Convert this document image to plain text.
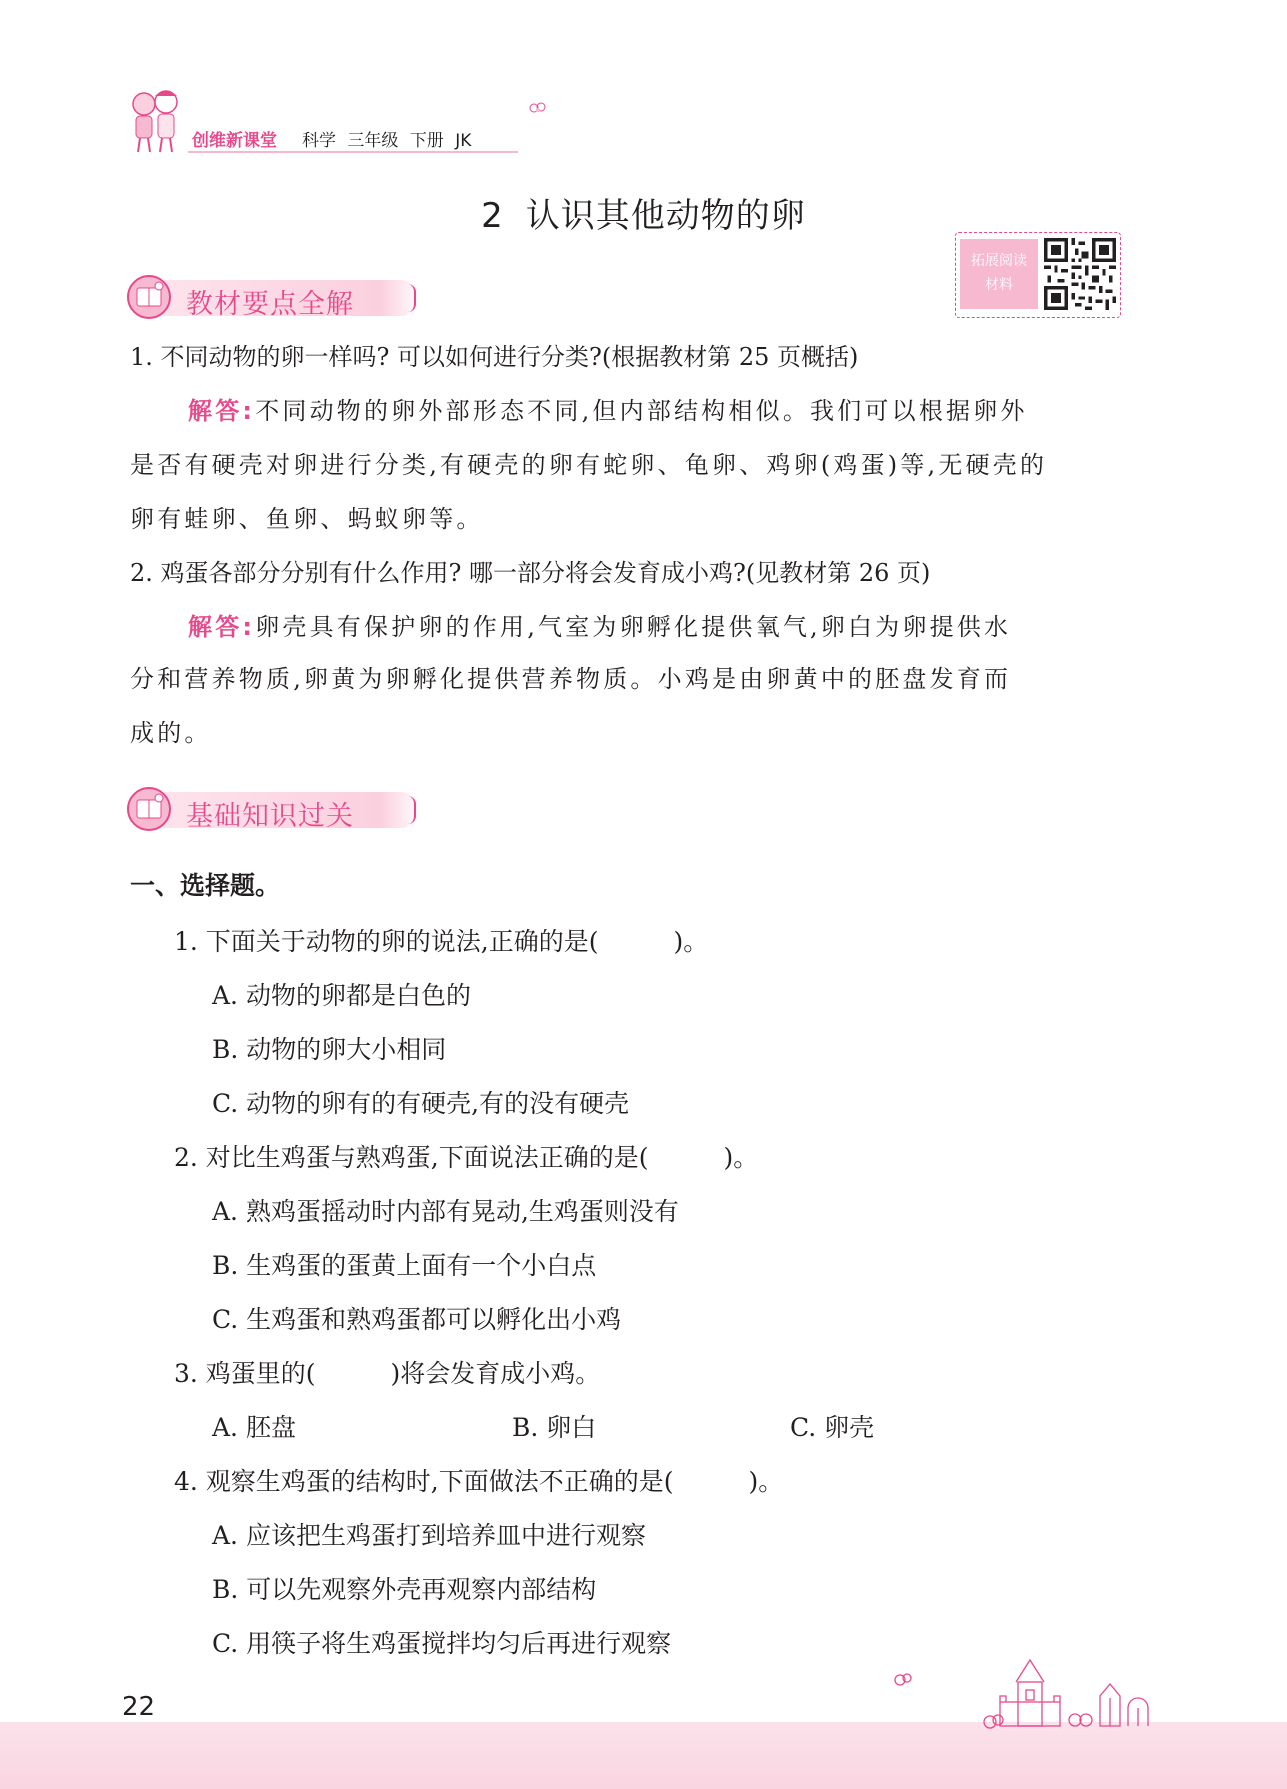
创维新课堂 科学 三年级 下册 JK
2 认识其他动物的卵
拓展阅读
材料
教材要点全解
1. 不同动物的卵一样吗? 可以如何进行分类?(根据教材第 25 页概括)
解答:不同动物的卵外部形态不同,但内部结构相似。我们可以根据卵外
是否有硬壳对卵进行分类,有硬壳的卵有蛇卵、龟卵、鸡卵(鸡蛋)等,无硬壳的
卵有蛙卵、鱼卵、蚂蚁卵等。
2. 鸡蛋各部分分别有什么作用? 哪一部分将会发育成小鸡?(见教材第 26 页)
解答:卵壳具有保护卵的作用,气室为卵孵化提供氧气,卵白为卵提供水
分和营养物质,卵黄为卵孵化提供营养物质。小鸡是由卵黄中的胚盘发育而
成的。
基础知识过关
一、选择题。
1. 下面关于动物的卵的说法,正确的是(　　　)。
A. 动物的卵都是白色的
B. 动物的卵大小相同
C. 动物的卵有的有硬壳,有的没有硬壳
2. 对比生鸡蛋与熟鸡蛋,下面说法正确的是(　　　)。
A. 熟鸡蛋摇动时内部有晃动,生鸡蛋则没有
B. 生鸡蛋的蛋黄上面有一个小白点
C. 生鸡蛋和熟鸡蛋都可以孵化出小鸡
3. 鸡蛋里的(　　　)将会发育成小鸡。
A. 胚盘	B. 卵白	C. 卵壳
4. 观察生鸡蛋的结构时,下面做法不正确的是(　　　)。
A. 应该把生鸡蛋打到培养皿中进行观察
B. 可以先观察外壳再观察内部结构
C. 用筷子将生鸡蛋搅拌均匀后再进行观察
22
